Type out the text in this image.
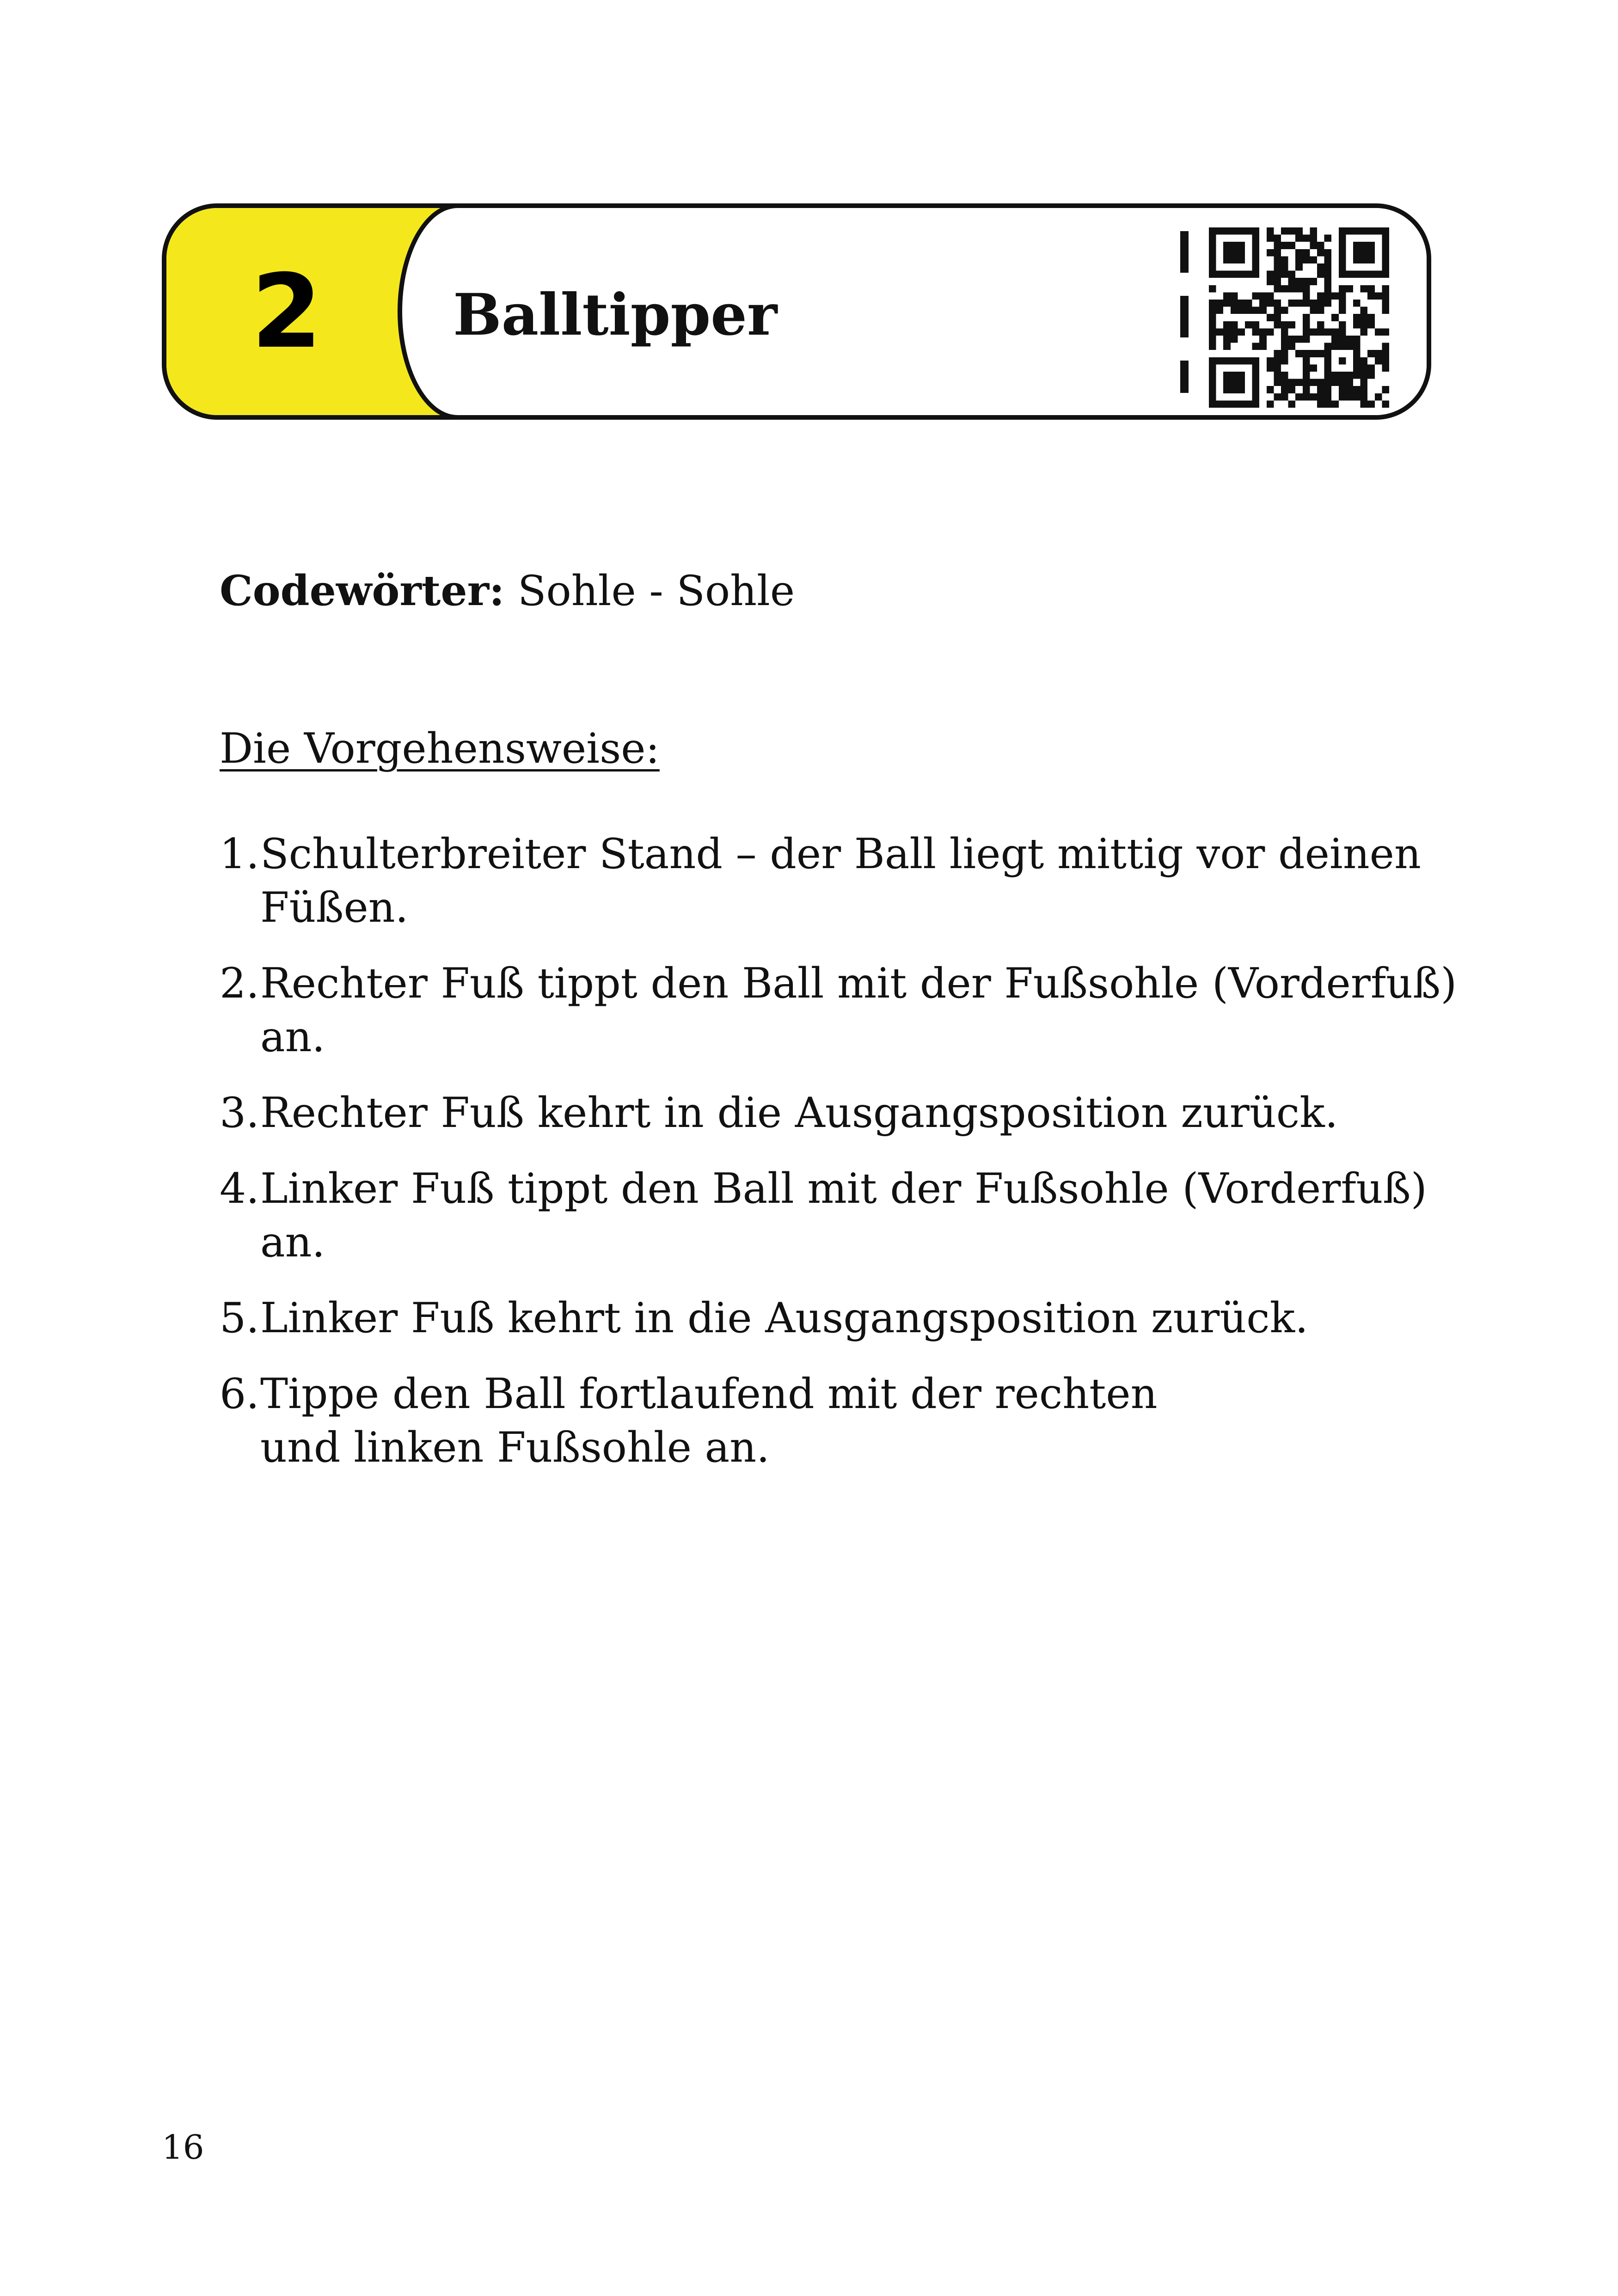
2	Balltipper
Codewörter: Sohle - Sohle
Die Vorgehensweise:
1.Schulterbreiter Stand – der Ball liegt mittig vor deinen Füßen.
2.Rechter Fuß tippt den Ball mit der Fußsohle (Vorderfuß) an.
3.Rechter Fuß kehrt in die Ausgangsposition zurück.
4.Linker Fuß tippt den Ball mit der Fußsohle (Vorderfuß) an.
5.Linker Fuß kehrt in die Ausgangsposition zurück.
6.Tippe den Ball fortlaufend mit der rechten und linken Fußsohle an.
16
